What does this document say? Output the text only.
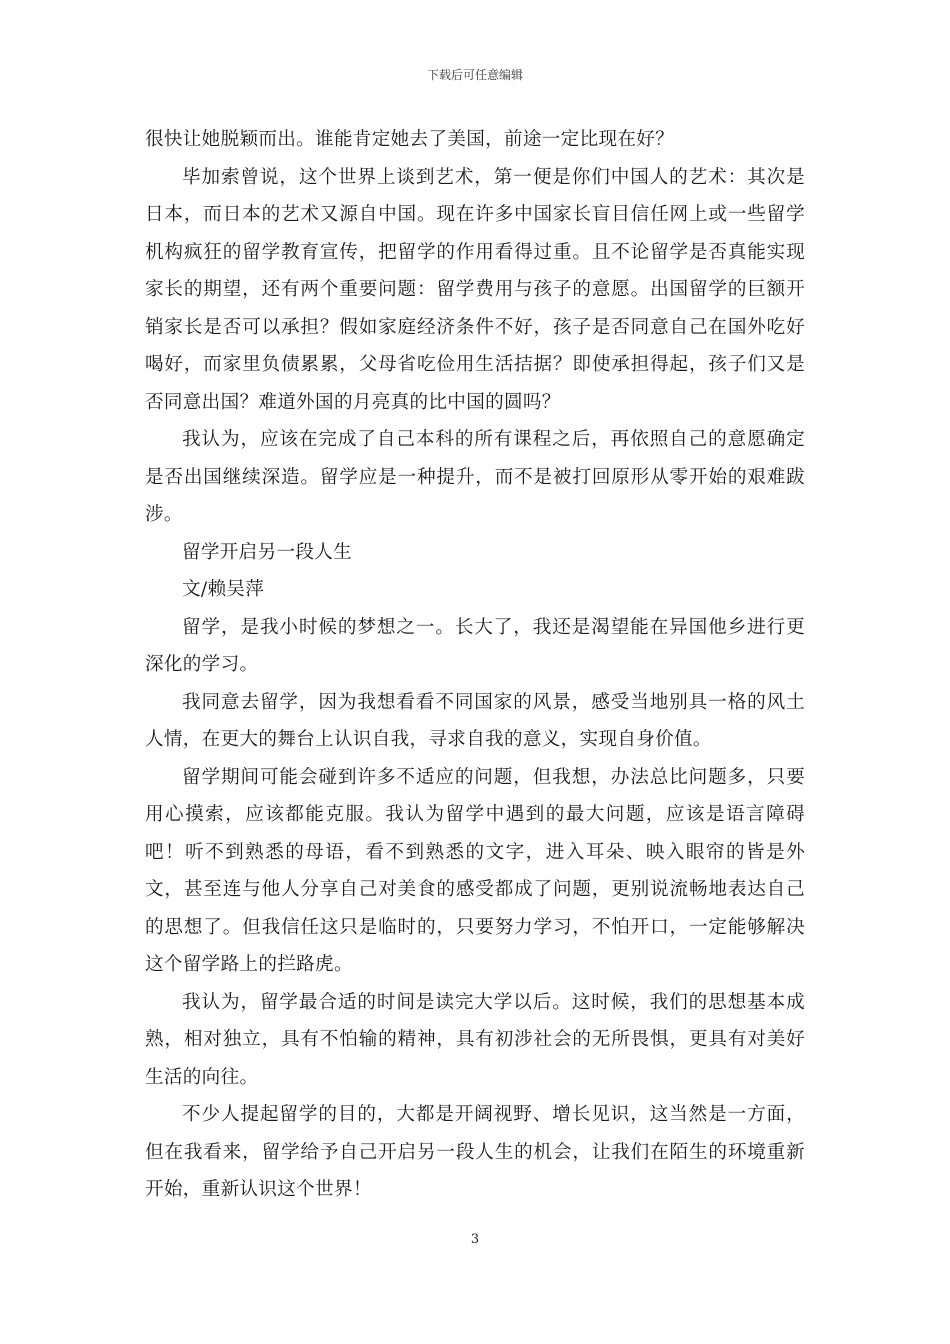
下载后可任意编辑

很快让她脱颖而出。谁能肯定她去了美国，前途一定比现在好？

毕加索曾说，这个世界上谈到艺术，第一便是你们中国人的艺术：其次是日本，而日本的艺术又源自中国。现在许多中国家长盲目信任网上或一些留学机构疯狂的留学教育宣传，把留学的作用看得过重。且不论留学是否真能实现家长的期望，还有两个重要问题：留学费用与孩子的意愿。出国留学的巨额开销家长是否可以承担？假如家庭经济条件不好，孩子是否同意自己在国外吃好喝好，而家里负债累累，父母省吃俭用生活拮据？即使承担得起，孩子们又是否同意出国？难道外国的月亮真的比中国的圆吗？

我认为，应该在完成了自己本科的所有课程之后，再依照自己的意愿确定是否出国继续深造。留学应是一种提升，而不是被打回原形从零开始的艰难跋涉。

留学开启另一段人生

文/赖吴萍

留学，是我小时候的梦想之一。长大了，我还是渴望能在异国他乡进行更深化的学习。

我同意去留学，因为我想看看不同国家的风景，感受当地别具一格的风土人情，在更大的舞台上认识自我，寻求自我的意义，实现自身价值。

留学期间可能会碰到许多不适应的问题，但我想，办法总比问题多，只要用心摸索，应该都能克服。我认为留学中遇到的最大问题，应该是语言障碍吧！听不到熟悉的母语，看不到熟悉的文字，进入耳朵、映入眼帘的皆是外文，甚至连与他人分享自己对美食的感受都成了问题，更别说流畅地表达自己的思想了。但我信任这只是临时的，只要努力学习，不怕开口，一定能够解决这个留学路上的拦路虎。

我认为，留学最合适的时间是读完大学以后。这时候，我们的思想基本成熟，相对独立，具有不怕输的精神，具有初涉社会的无所畏惧，更具有对美好生活的向往。

不少人提起留学的目的，大都是开阔视野、增长见识，这当然是一方面，但在我看来，留学给予自己开启另一段人生的机会，让我们在陌生的环境重新开始，重新认识这个世界！

3
